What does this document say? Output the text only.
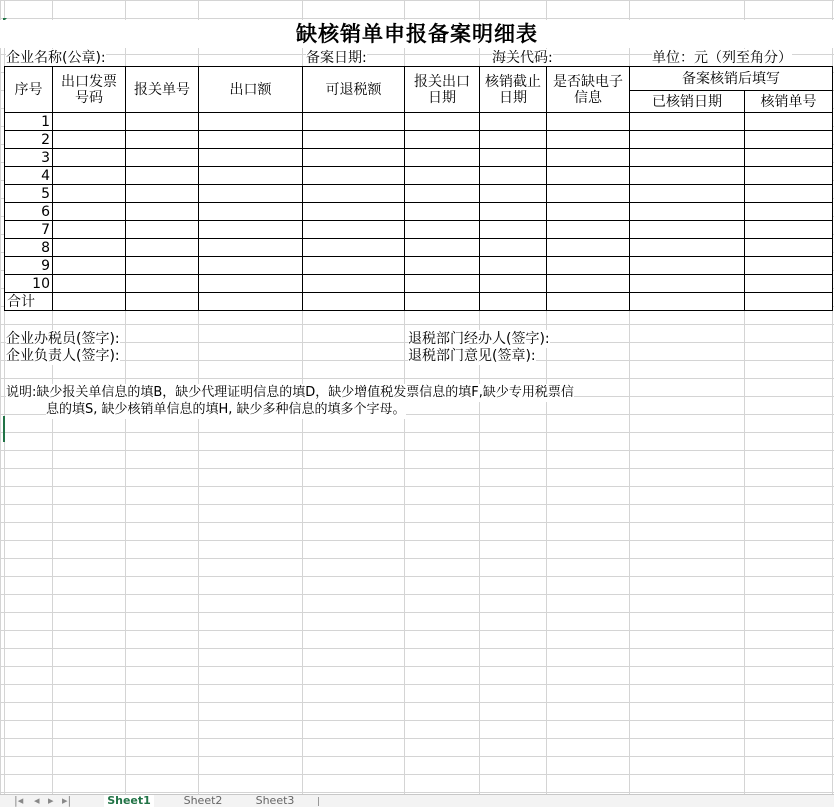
缺核销单申报备案明细表
企业名称(公章):	备案日期:	海关代码:	单位：元（列至角分）
序号	出口发票号码	报关单号	出口额	可退税额	报关出口日期	核销截止日期	是否缺电子信息	备案核销后填写	
								已核销日期	核销单号
1									
2									
3									
4									
5									
6									
7									
8									
9									
10									
合计									
企业办税员(签字):	退税部门经办人(签字):
企业负责人(签字):	退税部门意见(签章):
说明:缺少报关单信息的填B，缺少代理证明信息的填D，缺少增值税发票信息的填F,缺少专用税票信
息的填S, 缺少核销单信息的填H, 缺少多种信息的填多个字母。
|◂ ◂ ▸ ▸|	Sheet1	Sheet2	Sheet3
